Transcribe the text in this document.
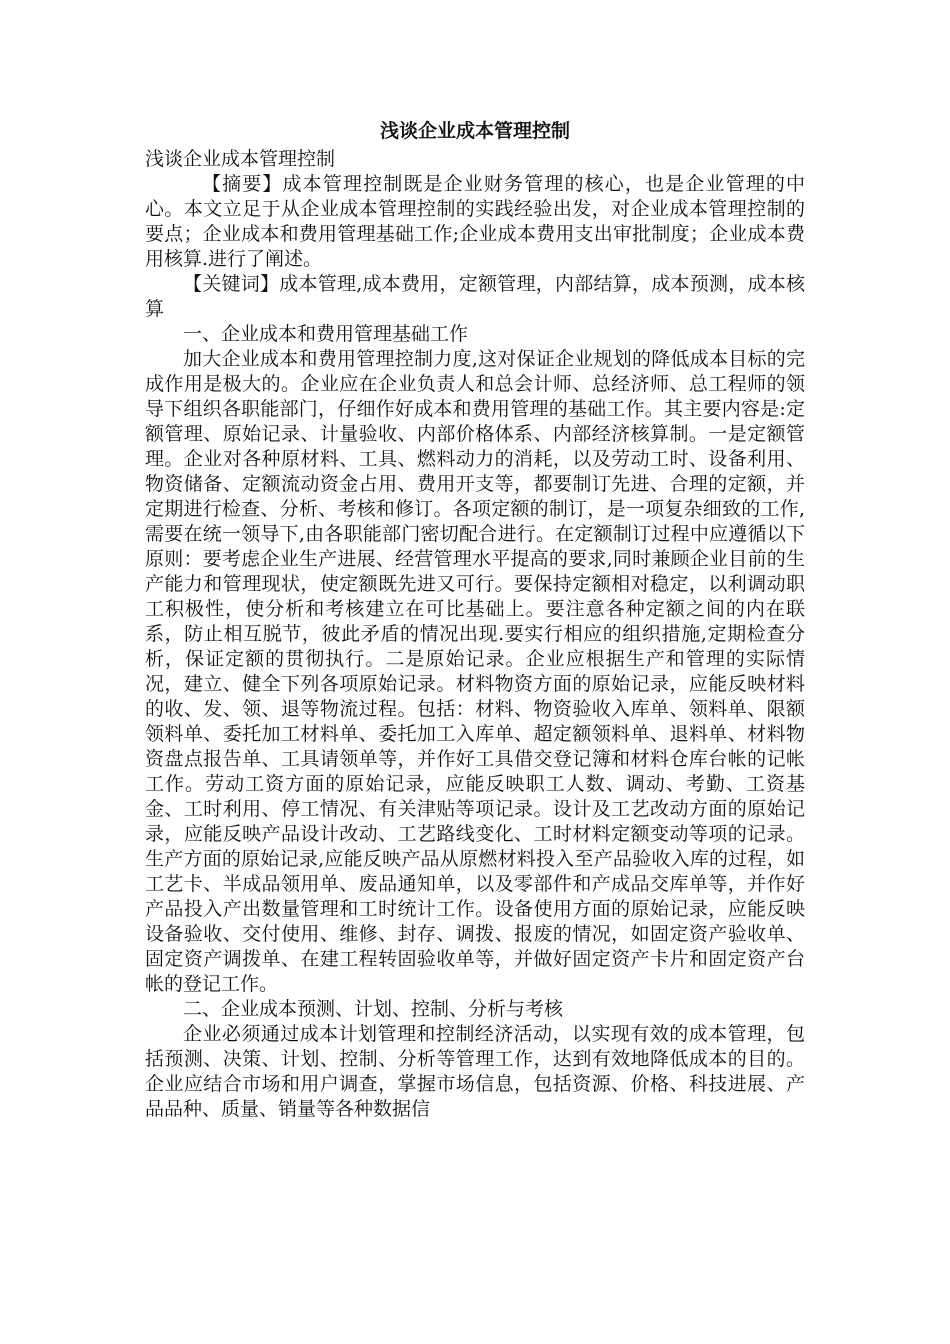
浅谈企业成本管理控制
浅谈企业成本管理控制

【摘要】成本管理控制既是企业财务管理的核心，也是企业管理的中心。本文立足于从企业成本管理控制的实践经验出发，对企业成本管理控制的要点；企业成本和费用管理基础工作;企业成本费用支出审批制度；企业成本费用核算.进行了阐述。

【关键词】成本管理,成本费用，定额管理，内部结算，成本预测，成本核算

一、企业成本和费用管理基础工作

加大企业成本和费用管理控制力度,这对保证企业规划的降低成本目标的完成作用是极大的。企业应在企业负责人和总会计师、总经济师、总工程师的领导下组织各职能部门，仔细作好成本和费用管理的基础工作。其主要内容是:定额管理、原始记录、计量验收、内部价格体系、内部经济核算制。一是定额管理。企业对各种原材料、工具、燃料动力的消耗，以及劳动工时、设备利用、物资储备、定额流动资金占用、费用开支等，都要制订先进、合理的定额，并定期进行检查、分析、考核和修订。各项定额的制订，是一项复杂细致的工作,需要在统一领导下,由各职能部门密切配合进行。在定额制订过程中应遵循以下原则：要考虑企业生产进展、经营管理水平提高的要求,同时兼顾企业目前的生产能力和管理现状，使定额既先进又可行。要保持定额相对稳定，以利调动职工积极性，使分析和考核建立在可比基础上。要注意各种定额之间的内在联系，防止相互脱节，彼此矛盾的情况出现.要实行相应的组织措施,定期检查分析，保证定额的贯彻执行。二是原始记录。企业应根据生产和管理的实际情况，建立、健全下列各项原始记录。材料物资方面的原始记录，应能反映材料的收、发、领、退等物流过程。包括：材料、物资验收入库单、领料单、限额领料单、委托加工材料单、委托加工入库单、超定额领料单、退料单、材料物资盘点报告单、工具请领单等，并作好工具借交登记簿和材料仓库台帐的记帐工作。劳动工资方面的原始记录，应能反映职工人数、调动、考勤、工资基金、工时利用、停工情况、有关津贴等项记录。设计及工艺改动方面的原始记录，应能反映产品设计改动、工艺路线变化、工时材料定额变动等项的记录。生产方面的原始记录,应能反映产品从原燃材料投入至产品验收入库的过程，如工艺卡、半成品领用单、废品通知单，以及零部件和产成品交库单等，并作好产品投入产出数量管理和工时统计工作。设备使用方面的原始记录，应能反映设备验收、交付使用、维修、封存、调拨、报废的情况，如固定资产验收单、固定资产调拨单、在建工程转固验收单等，并做好固定资产卡片和固定资产台帐的登记工作。

二、企业成本预测、计划、控制、分析与考核

企业必须通过成本计划管理和控制经济活动，以实现有效的成本管理，包括预测、决策、计划、控制、分析等管理工作，达到有效地降低成本的目的。企业应结合市场和用户调查，掌握市场信息，包括资源、价格、科技进展、产品品种、质量、销量等各种数据信
